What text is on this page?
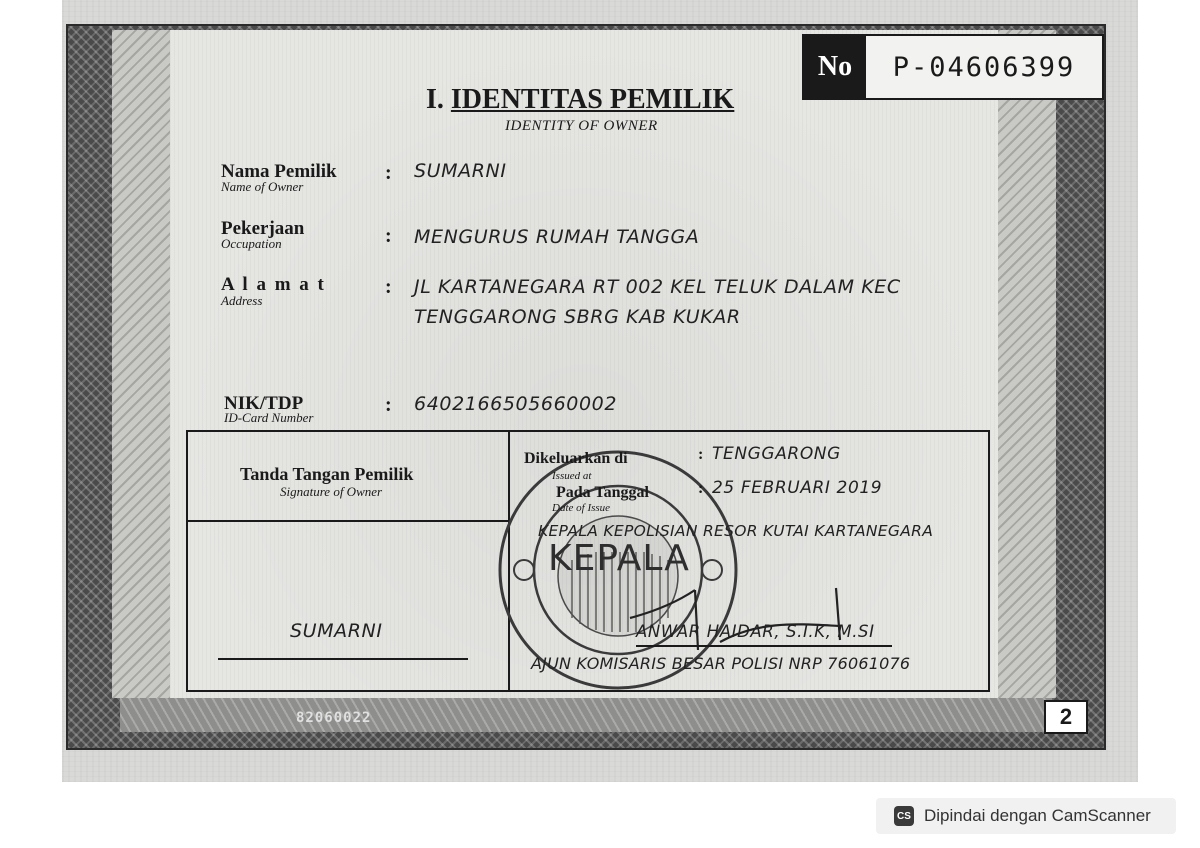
No	P-04606399
I. IDENTITAS PEMILIK
IDENTITY OF OWNER
Nama Pemilik
Name of Owner
: SUMARNI
Pekerjaan
Occupation	: MENGURUS RUMAH TANGGA
A l a m a t
Address
: JL KARTANEGARA RT 002 KEL TELUK DALAM KEC
TENGGARONG SBRG KAB KUKAR
NIK/TDP
ID-Card Number
: 6402166505660002
Tanda Tangan Pemilik
Signature of Owner
SUMARNI
KEPALA
Dikeluarkan di
Issued at
: TENGGARONG
Pada Tanggal
Date of Issue
: 25 FEBRUARI 2019
KEPALA KEPOLISIAN RESOR KUTAI KARTANEGARA
ANWAR HAIDAR, S.I.K, M.SI
AJUN KOMISARIS BESAR POLISI NRP 76061076
82060022	2
CS Dipindai dengan CamScanner
